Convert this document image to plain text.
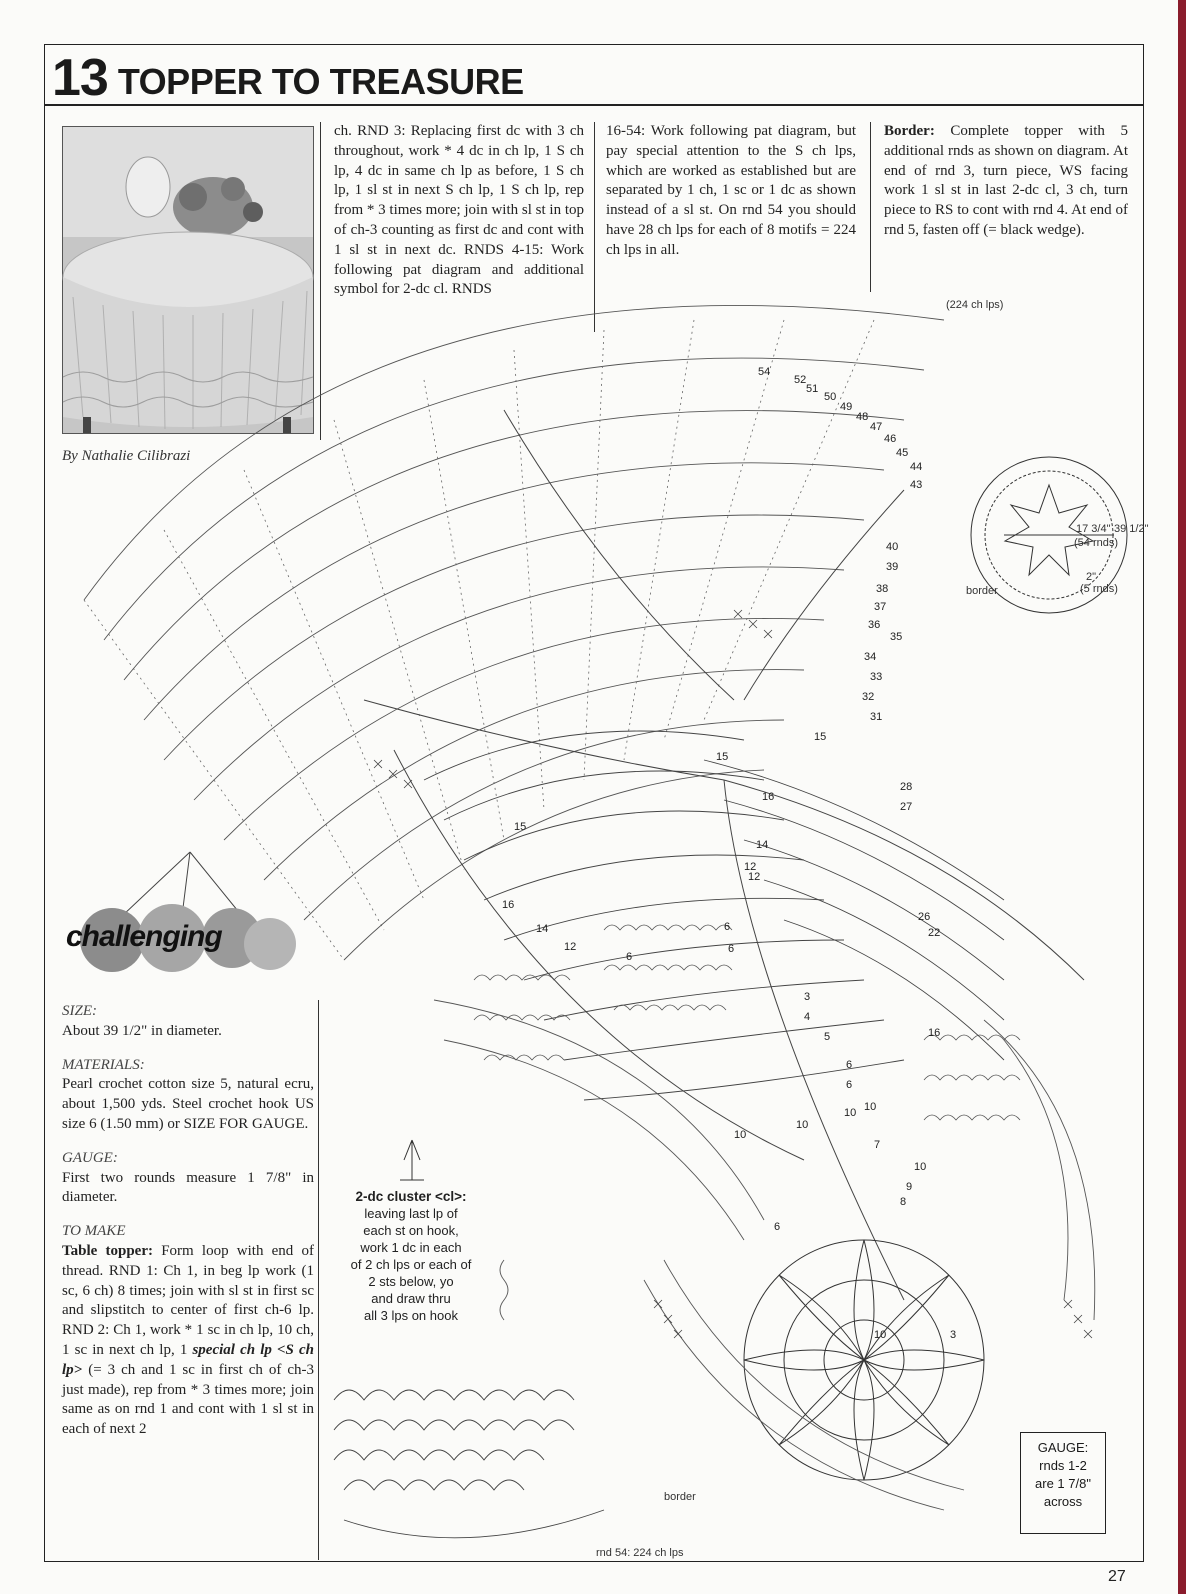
13 TOPPER TO TREASURE
By Nathalie Cilibrazi

ch. RND 3: Replacing first dc with 3 ch throughout, work * 4 dc in ch lp, 1 S ch lp, 4 dc in same ch lp as before, 1 S ch lp, 1 sl st in next S ch lp, 1 S ch lp, rep from * 3 times more; join with sl st in top of ch-3 counting as first dc and cont with 1 sl st in next dc. RNDS 4-15: Work following pat diagram and additional symbol for 2-dc cl. RNDS

16-54: Work following pat diagram, but pay special attention to the S ch lps, which are worked as established but are separated by 1 ch, 1 sc or 1 dc as shown instead of a sl st. On rnd 54 you should have 28 ch lps for each of 8 motifs = 224 ch lps in all.

Border: Complete topper with 5 additional rnds as shown on diagram. At end of rnd 3, turn piece, WS facing work 1 sl st in last 2-dc cl, 3 ch, turn piece to RS to cont with rnd 4. At end of rnd 5, fasten off (= black wedge).

17 3/4"
(54 rnds)
39 1/2"
2"
(5 rnds)
border
(224 ch lps)
rnd 54: 224 ch lps
border
54
52
51
50
49
48
47
46
45
44
43
40
39
38
37
36
35
34
33
32
31
28
27
26
22
16
15
15
16
15
14
12
12
16
14
12
6
6
6
3
4
5
6
6
10
10 10
10
7
9
8
10
3
10
6
challenging
SIZE:

About 39 1/2" in diameter.

MATERIALS:

Pearl crochet cotton size 5, natural ecru, about 1,500 yds. Steel crochet hook US size 6 (1.50 mm) or SIZE FOR GAUGE.

GAUGE:

First two rounds measure 1 7/8" in diameter.

TO MAKE

Table topper: Form loop with end of thread. RND 1: Ch 1, in beg lp work (1 sc, 6 ch) 8 times; join with sl st in first sc and slipstitch to center of first ch-6 lp. RND 2: Ch 1, work * 1 sc in ch lp, 10 ch, 1 sc in next ch lp, 1 special ch lp <S ch lp> (= 3 ch and 1 sc in first ch of ch-3 just made), rep from * 3 times more; join same as on rnd 1 and cont with 1 sl st in each of next 2

2-dc cluster <cl>:
leaving last lp of
each st on hook,
work 1 dc in each
of 2 ch lps or each of
2 sts below, yo
and draw thru
all 3 lps on hook
GAUGE:
rnds 1-2
are 1 7/8"
across
27
